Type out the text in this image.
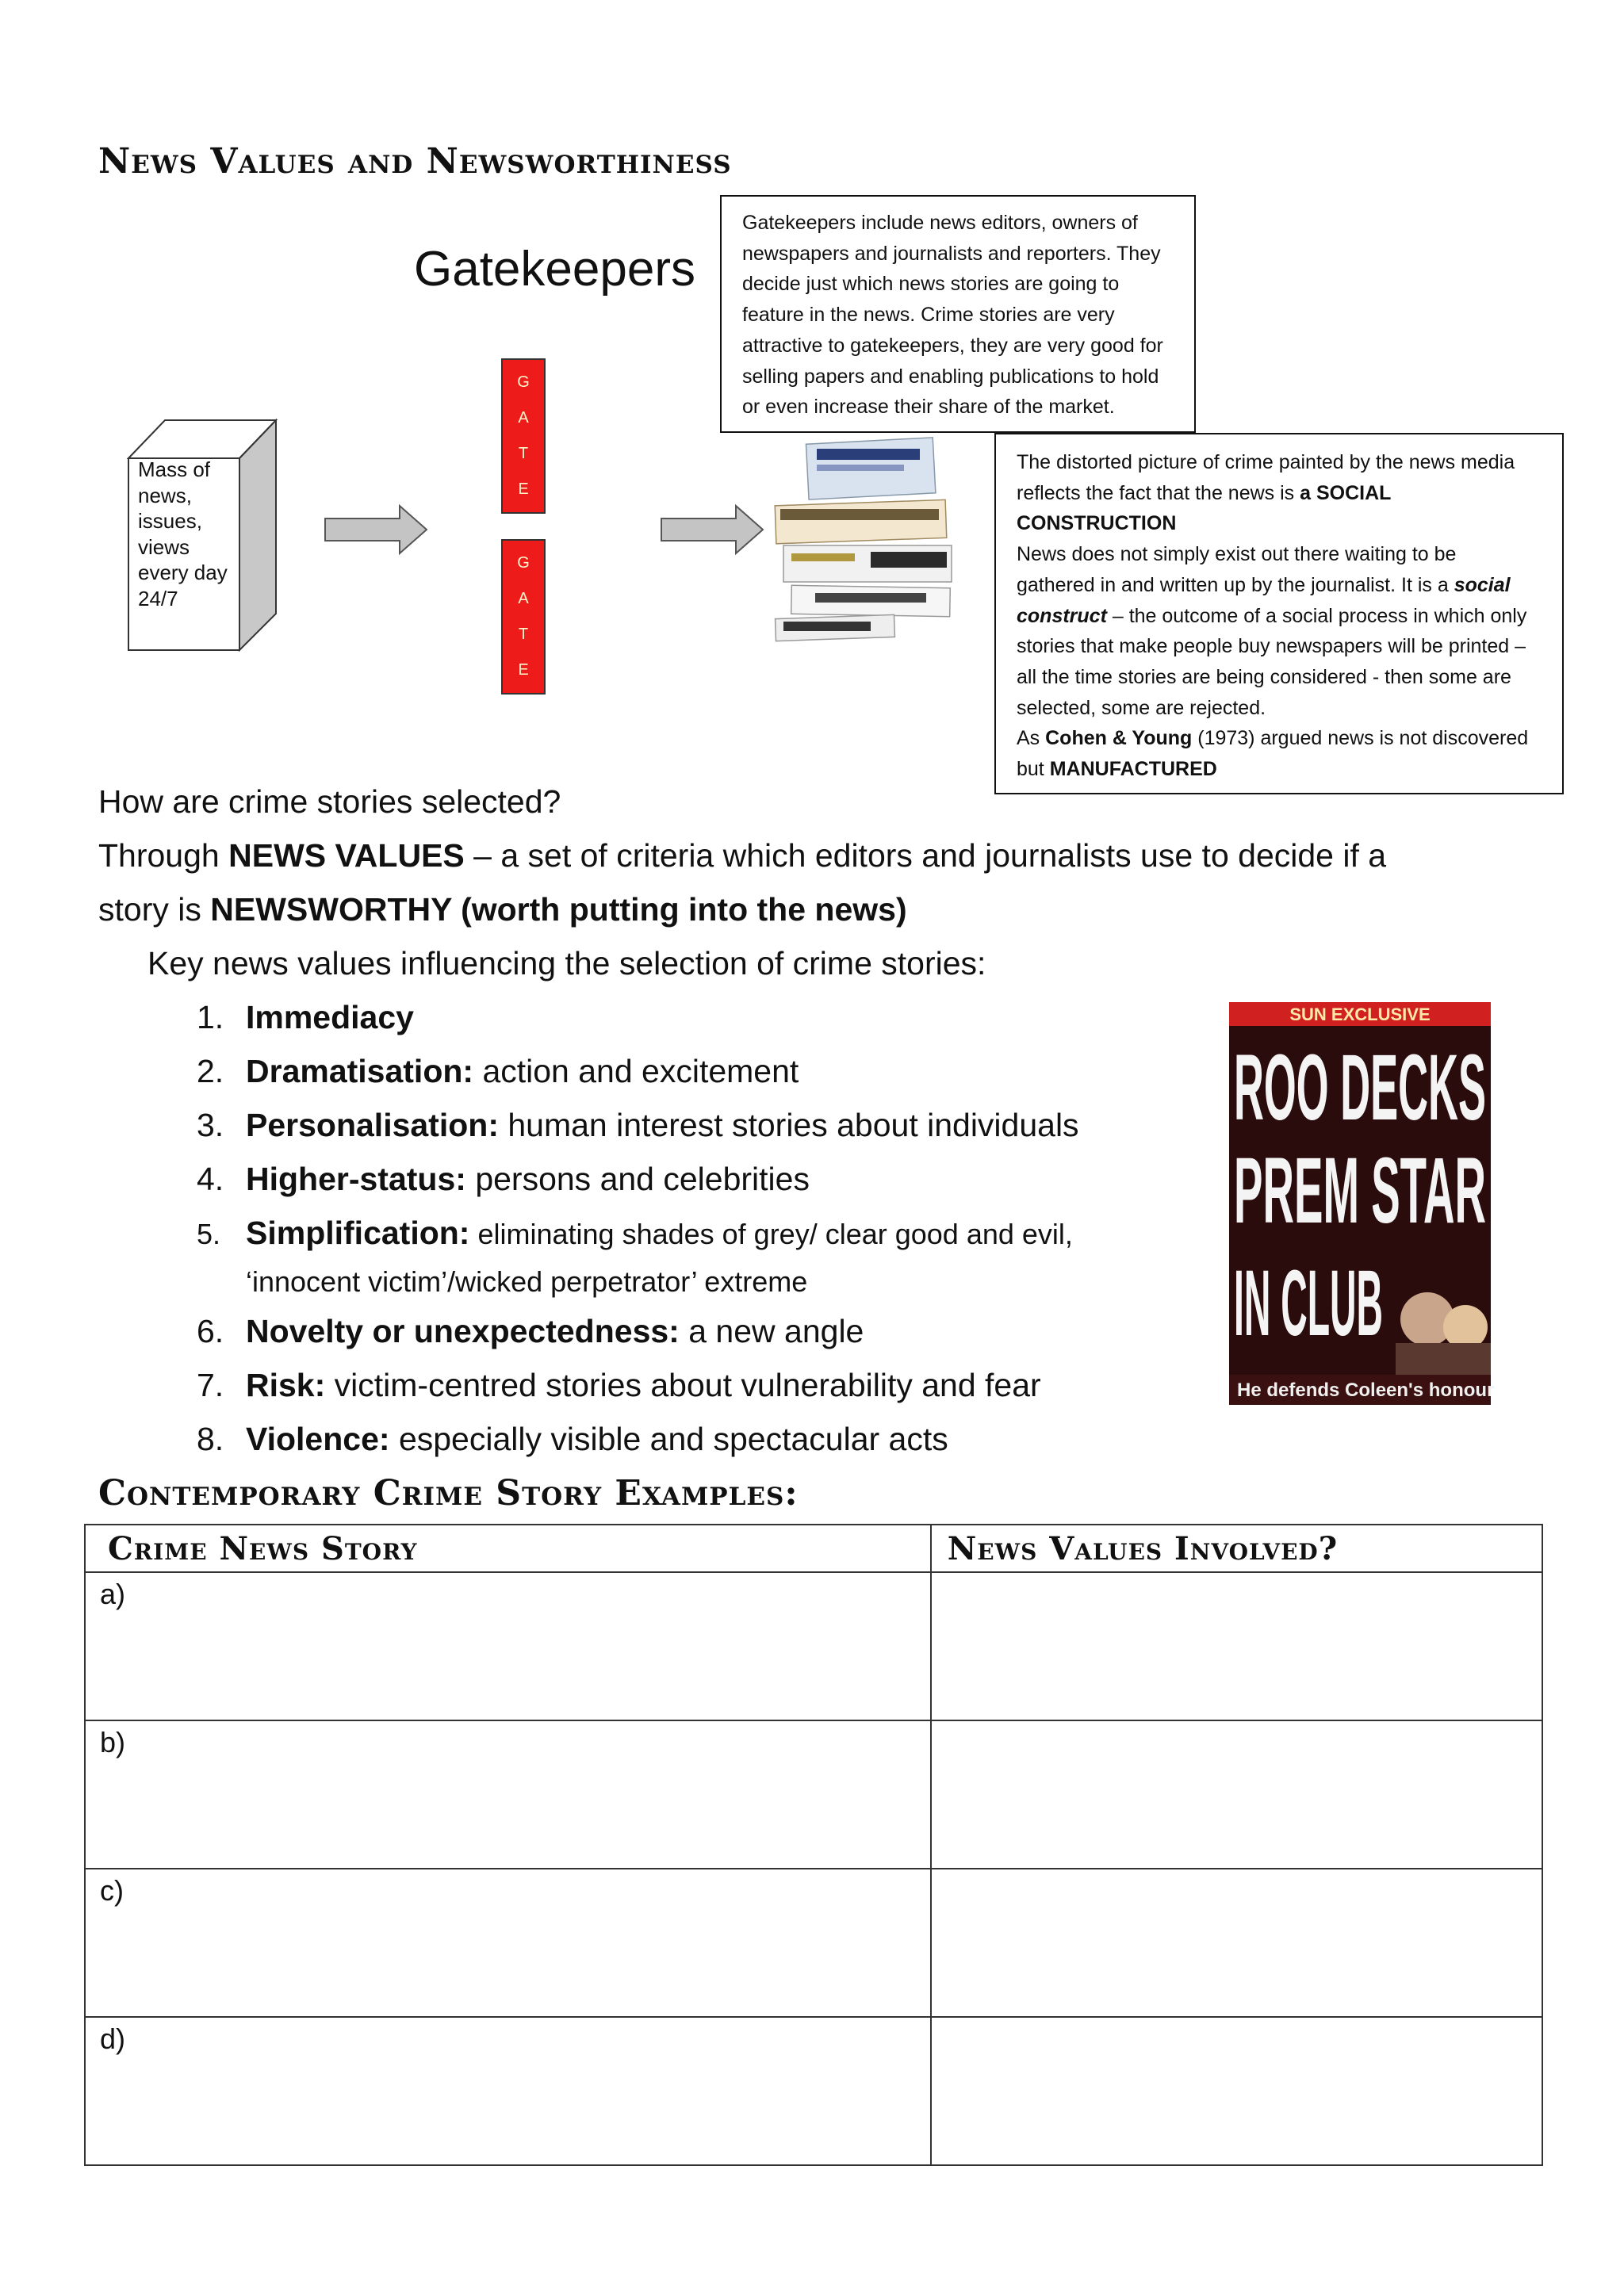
News Values and Newsworthiness
Gatekeepers
Gatekeepers include news editors, owners of
newspapers and journalists and reporters. They
decide just which news stories are going to
feature in the news. Crime stories are very
attractive to gatekeepers, they are very good for
selling papers and enabling publications to hold
or even increase their share of the market.
Mass of
news,
issues,
views
every day
24/7
G
A
T
E
G
A
T
E
The distorted picture of crime painted by the news media
reflects the fact that the news is a SOCIAL CONSTRUCTION
News does not simply exist out there waiting to be
gathered in and written up by the journalist. It is a social
construct – the outcome of a social process in which only
stories that make people buy newspapers will be printed –
all the time stories are being considered - then some are
selected, some are rejected.
As Cohen & Young (1973) argued news is not discovered
but MANUFACTURED
How are crime stories selected?
Through NEWS VALUES – a set of criteria which editors and journalists use to decide if a
story is NEWSWORTHY (worth putting into the news)
Key news values influencing the selection of crime stories:
1. Immediacy
2. Dramatisation: action and excitement
3. Personalisation: human interest stories about individuals
4. Higher-status: persons and celebrities
5. Simplification: eliminating shades of grey/ clear good and evil,
‘innocent victim’/wicked perpetrator’ extreme
6. Novelty or unexpectedness: a new angle
7. Risk: victim-centred stories about vulnerability and fear
8. Violence: especially visible and spectacular acts
SUN EXCLUSIVE
ROO DECKS
PREM STAR
IN CLUB
He defends Coleen's honour
Contemporary Crime Story Examples:
Crime News Story	News Values Involved?
a)	
b)	
c)	
d)	
